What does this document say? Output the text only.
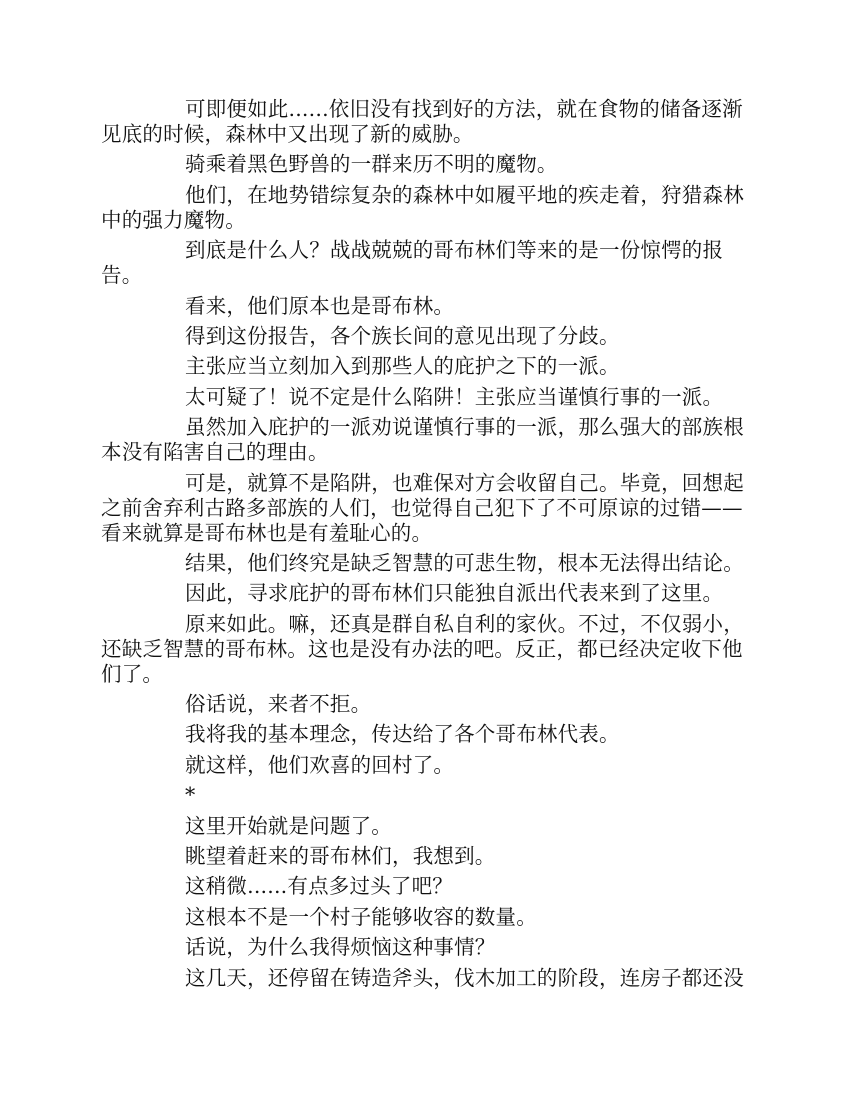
可即便如此......依旧没有找到好的方法，就在食物的储备逐渐
见底的时候，森林中又出现了新的威胁。
骑乘着黑色野兽的一群来历不明的魔物。
他们，在地势错综复杂的森林中如履平地的疾走着，狩猎森林
中的强力魔物。
到底是什么人？战战兢兢的哥布林们等来的是一份惊愕的报
告。
看来，他们原本也是哥布林。
得到这份报告，各个族长间的意见出现了分歧。
主张应当立刻加入到那些人的庇护之下的一派。
太可疑了！说不定是什么陷阱！主张应当谨慎行事的一派。
虽然加入庇护的一派劝说谨慎行事的一派，那么强大的部族根
本没有陷害自己的理由。
可是，就算不是陷阱，也难保对方会收留自己。毕竟，回想起
之前舍弃利古路多部族的人们，也觉得自己犯下了不可原谅的过错——
看来就算是哥布林也是有羞耻心的。
结果，他们终究是缺乏智慧的可悲生物，根本无法得出结论。
因此，寻求庇护的哥布林们只能独自派出代表来到了这里。
原来如此。嘛，还真是群自私自利的家伙。不过，不仅弱小，
还缺乏智慧的哥布林。这也是没有办法的吧。反正，都已经决定收下他
们了。
俗话说，来者不拒。
我将我的基本理念，传达给了各个哥布林代表。
就这样，他们欢喜的回村了。
*
这里开始就是问题了。
眺望着赶来的哥布林们，我想到。
这稍微......有点多过头了吧？
这根本不是一个村子能够收容的数量。
话说，为什么我得烦恼这种事情？
这几天，还停留在铸造斧头，伐木加工的阶段，连房子都还没
